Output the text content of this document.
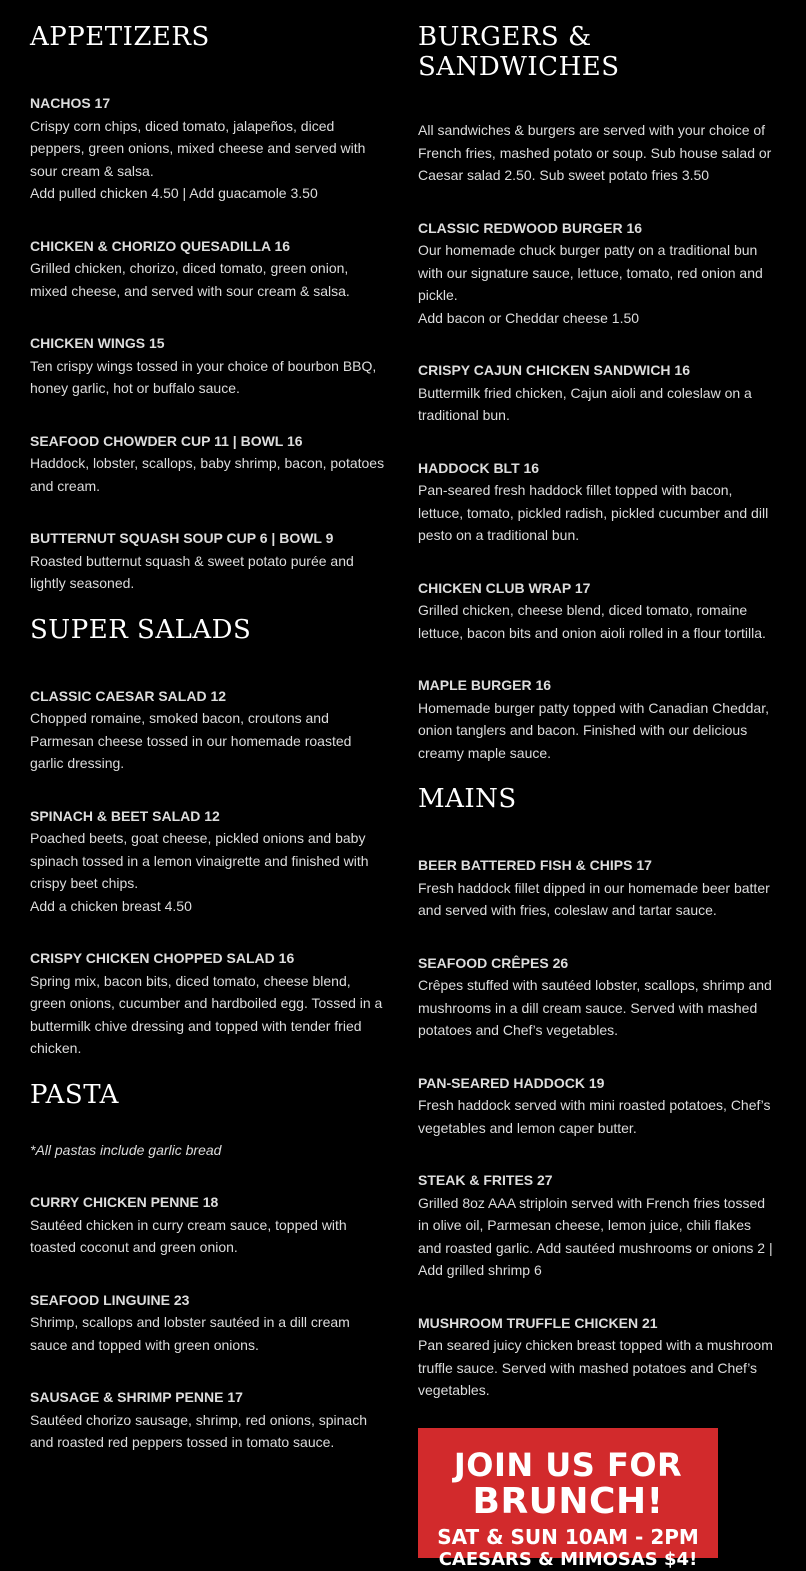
APPETIZERS
NACHOS 17
Crispy corn chips, diced tomato, jalapeños, diced peppers, green onions, mixed cheese and served with sour cream & salsa.
Add pulled chicken 4.50 | Add guacamole 3.50
CHICKEN & CHORIZO QUESADILLA 16
Grilled chicken, chorizo, diced tomato, green onion, mixed cheese, and served with sour cream & salsa.
CHICKEN WINGS 15
Ten crispy wings tossed in your choice of bourbon BBQ, honey garlic, hot or buffalo sauce.
SEAFOOD CHOWDER CUP 11 | BOWL 16
Haddock, lobster, scallops, baby shrimp, bacon, potatoes and cream.
BUTTERNUT SQUASH SOUP CUP 6 | BOWL 9
Roasted butternut squash & sweet potato purée and lightly seasoned.
SUPER SALADS
CLASSIC CAESAR SALAD 12
Chopped romaine, smoked bacon, croutons and Parmesan cheese tossed in our homemade roasted garlic dressing.
SPINACH & BEET SALAD 12
Poached beets, goat cheese, pickled onions and baby spinach tossed in a lemon vinaigrette and finished with crispy beet chips.
Add a chicken breast 4.50
CRISPY CHICKEN CHOPPED SALAD 16
Spring mix, bacon bits, diced tomato, cheese blend, green onions, cucumber and hardboiled egg. Tossed in a buttermilk chive dressing and topped with tender fried chicken.
PASTA
*All pastas include garlic bread
CURRY CHICKEN PENNE 18
Sautéed chicken in curry cream sauce, topped with toasted coconut and green onion.
SEAFOOD LINGUINE 23
Shrimp, scallops and lobster sautéed in a dill cream sauce and topped with green onions.
SAUSAGE & SHRIMP PENNE 17
Sautéed chorizo sausage, shrimp, red onions, spinach and roasted red peppers tossed in tomato sauce.
BURGERS & SANDWICHES
All sandwiches & burgers are served with your choice of French fries, mashed potato or soup. Sub house salad or Caesar salad 2.50. Sub sweet potato fries 3.50
CLASSIC REDWOOD BURGER 16
Our homemade chuck burger patty on a traditional bun with our signature sauce, lettuce, tomato, red onion and pickle.
Add bacon or Cheddar cheese 1.50
CRISPY CAJUN CHICKEN SANDWICH 16
Buttermilk fried chicken, Cajun aioli and coleslaw on a traditional bun.
HADDOCK BLT 16
Pan-seared fresh haddock fillet topped with bacon, lettuce, tomato, pickled radish, pickled cucumber and dill pesto on a traditional bun.
CHICKEN CLUB WRAP 17
Grilled chicken, cheese blend, diced tomato, romaine lettuce, bacon bits and onion aioli rolled in a flour tortilla.
MAPLE BURGER 16
Homemade burger patty topped with Canadian Cheddar, onion tanglers and bacon. Finished with our delicious creamy maple sauce.
MAINS
BEER BATTERED FISH & CHIPS 17
Fresh haddock fillet dipped in our homemade beer batter and served with fries, coleslaw and tartar sauce.
SEAFOOD CRÊPES 26
Crêpes stuffed with sautéed lobster, scallops, shrimp and mushrooms in a dill cream sauce. Served with mashed potatoes and Chef’s vegetables.
PAN-SEARED HADDOCK 19
Fresh haddock served with mini roasted potatoes, Chef’s vegetables and lemon caper butter.
STEAK & FRITES 27
Grilled 8oz AAA striploin served with French fries tossed in olive oil, Parmesan cheese, lemon juice, chili flakes and roasted garlic. Add sautéed mushrooms or onions 2 | Add grilled shrimp 6
MUSHROOM TRUFFLE CHICKEN 21
Pan seared juicy chicken breast topped with a mushroom truffle sauce. Served with mashed potatoes and Chef’s vegetables.
JOIN US FOR
BRUNCH!
SAT & SUN 10AM - 2PM
CAESARS & MIMOSAS $4!
